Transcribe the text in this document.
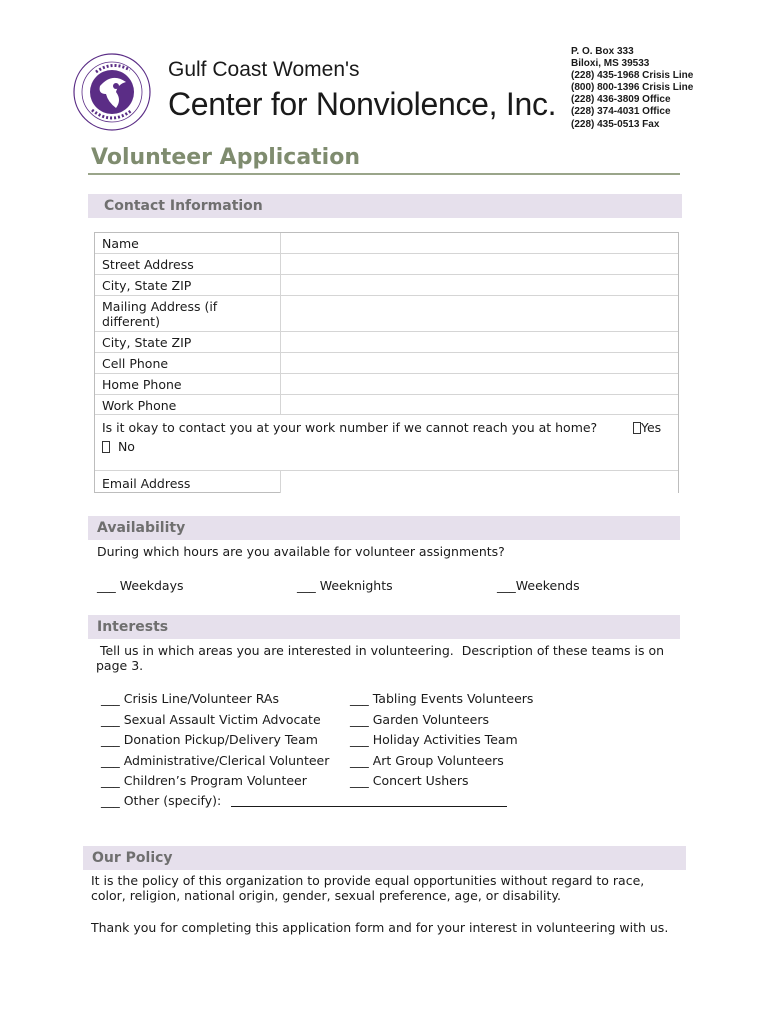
Gulf Coast Women's
Center for Nonviolence, Inc.
P. O. Box 333
Biloxi, MS 39533
(228) 435-1968 Crisis Line
(800) 800-1396 Crisis Line
(228) 436-3809 Office
(228) 374-4031 Office
(228) 435-0513 Fax
Volunteer Application
Contact Information
Name
Street Address
City, State ZIP
Mailing Address (if different)
City, State ZIP
Cell Phone
Home Phone
Work Phone
Is it okay to contact you at your work number if we cannot reach you at home?	Yes
No
Email Address
Availability
During which hours are you available for volunteer assignments?
___ Weekdays	___ Weeknights	___Weekends
Interests
Tell us in which areas you are interested in volunteering.  Description of these teams is on
page 3.
___ Crisis Line/Volunteer RAs
___ Sexual Assault Victim Advocate
___ Donation Pickup/Delivery Team
___ Administrative/Clerical Volunteer
___ Children’s Program Volunteer
___ Other (specify):
___ Tabling Events Volunteers
___ Garden Volunteers
___ Holiday Activities Team
___ Art Group Volunteers
___ Concert Ushers
Our Policy
It is the policy of this organization to provide equal opportunities without regard to race,
color, religion, national origin, gender, sexual preference, age, or disability.
Thank you for completing this application form and for your interest in volunteering with us.
